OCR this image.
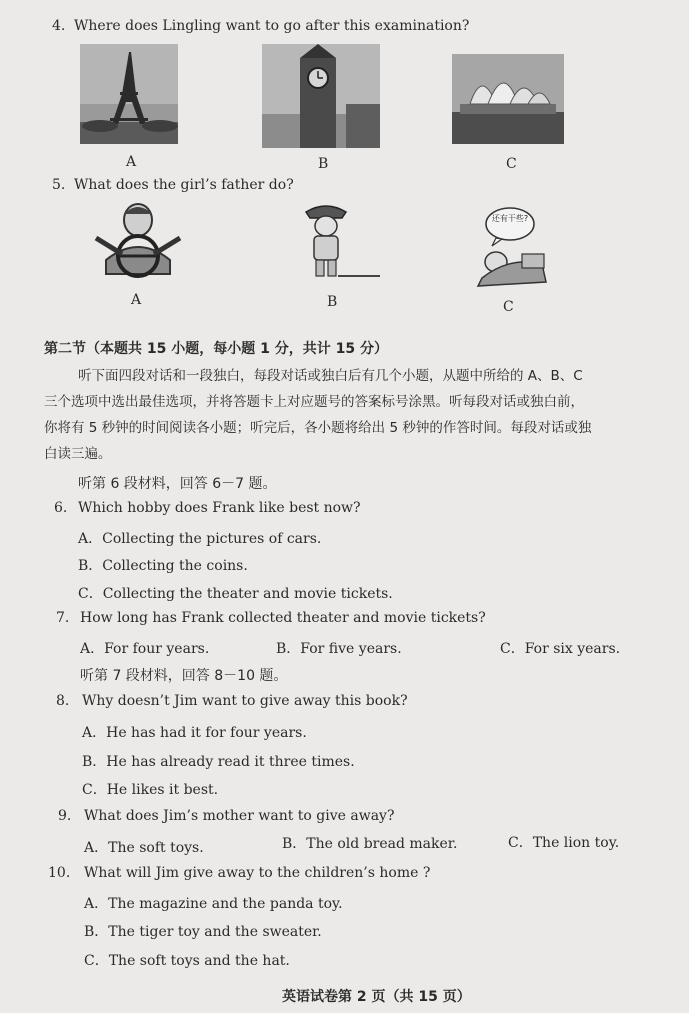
4. Where does Lingling want to go after this examination?
A	B	C
5. What does the girl’s father do?
A	B
还有干些?
C
第二节（本题共 15 小题，每小题 1 分，共计 15 分）
听下面四段对话和一段独白，每段对话或独白后有几个小题，从题中所给的 A、B、C
三个选项中选出最佳选项，并将答题卡上对应题号的答案标号涂黑。听每段对话或独白前，
你将有 5 秒钟的时间阅读各小题；听完后，各小题将给出 5 秒钟的作答时间。每段对话或独
白读三遍。
听第 6 段材料，回答 6－7 题。
6. Which hobby does Frank like best now?
A．Collecting the pictures of cars.
B．Collecting the coins.
C．Collecting the theater and movie tickets.
7. How long has Frank collected theater and movie tickets?
A．For four years.	B．For five years.	C．For six years.
听第 7 段材料，回答 8－10 题。
8. Why doesn’t Jim want to give away this book?
A．He has had it for four years.
B．He has already read it three times.
C．He likes it best.
9. What does Jim’s mother want to give away?
A．The soft toys.	B．The old bread maker.	C．The lion toy.
10. What will Jim give away to the children’s home ?
A．The magazine and the panda toy.
B．The tiger toy and the sweater.
C．The soft toys and the hat.
英语试卷第 2 页（共 15 页）
